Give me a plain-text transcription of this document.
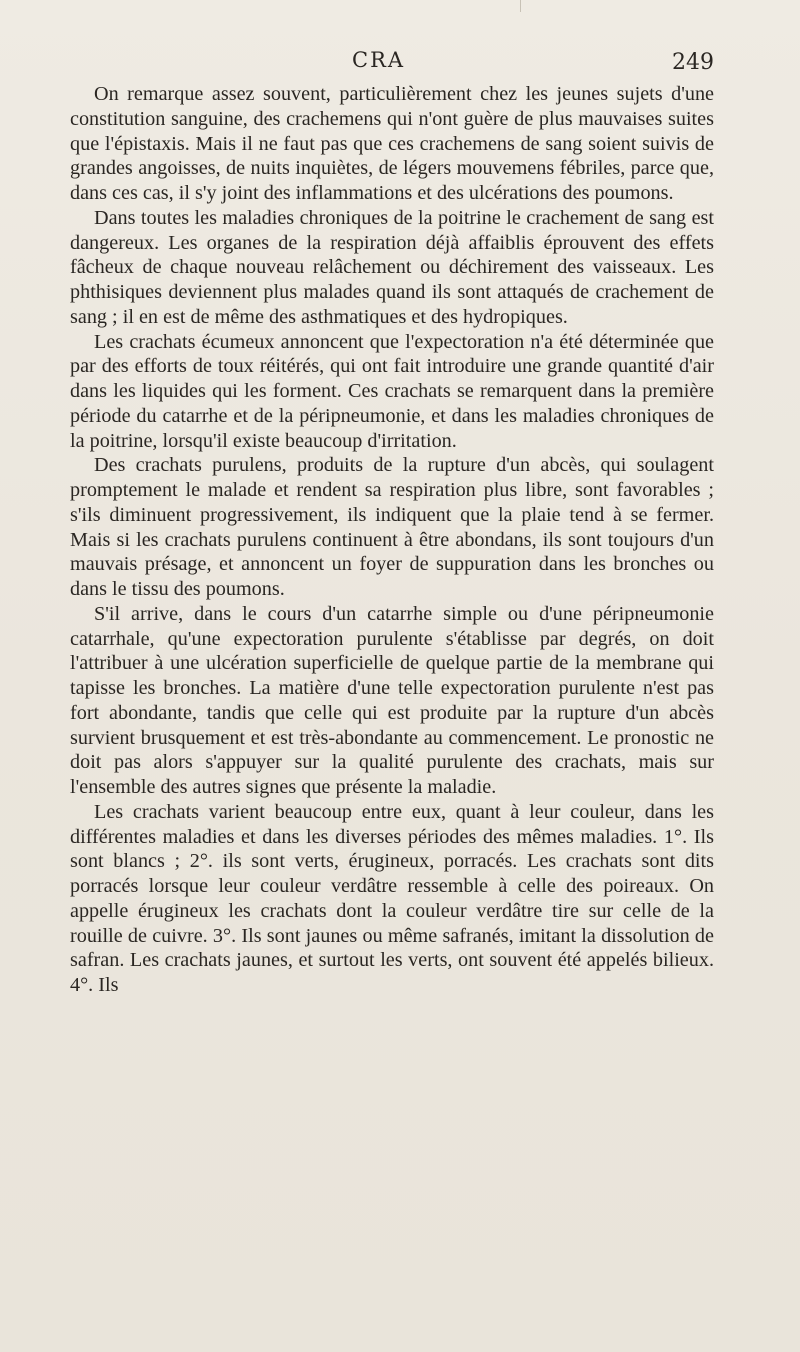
CRA	249

On remarque assez souvent, particulièrement chez les jeunes sujets d'une constitution sanguine, des crachemens qui n'ont guère de plus mauvaises suites que l'épistaxis. Mais il ne faut pas que ces crachemens de sang soient suivis de grandes angoisses, de nuits inquiètes, de légers mouvemens fébriles, parce que, dans ces cas, il s'y joint des inflammations et des ulcérations des poumons.

Dans toutes les maladies chroniques de la poitrine le crachement de sang est dangereux. Les organes de la respiration déjà affaiblis éprouvent des effets fâcheux de chaque nouveau relâchement ou déchirement des vaisseaux. Les phthisiques deviennent plus malades quand ils sont attaqués de crachement de sang ; il en est de même des asthmatiques et des hydropiques.

Les crachats écumeux annoncent que l'expectoration n'a été déterminée que par des efforts de toux réitérés, qui ont fait introduire une grande quantité d'air dans les liquides qui les forment. Ces crachats se remarquent dans la première période du catarrhe et de la péripneumonie, et dans les maladies chroniques de la poitrine, lorsqu'il existe beaucoup d'irritation.

Des crachats purulens, produits de la rupture d'un abcès, qui soulagent promptement le malade et rendent sa respiration plus libre, sont favorables ; s'ils diminuent progressivement, ils indiquent que la plaie tend à se fermer. Mais si les crachats purulens continuent à être abondans, ils sont toujours d'un mauvais présage, et annoncent un foyer de suppuration dans les bronches ou dans le tissu des poumons.

S'il arrive, dans le cours d'un catarrhe simple ou d'une péripneumonie catarrhale, qu'une expectoration purulente s'établisse par degrés, on doit l'attribuer à une ulcération superficielle de quelque partie de la membrane qui tapisse les bronches. La matière d'une telle expectoration purulente n'est pas fort abondante, tandis que celle qui est produite par la rupture d'un abcès survient brusquement et est très-abondante au commencement. Le pronostic ne doit pas alors s'appuyer sur la qualité purulente des crachats, mais sur l'ensemble des autres signes que présente la maladie.

Les crachats varient beaucoup entre eux, quant à leur couleur, dans les différentes maladies et dans les diverses périodes des mêmes maladies. 1°. Ils sont blancs ; 2°. ils sont verts, érugineux, porracés. Les crachats sont dits porracés lorsque leur couleur verdâtre ressemble à celle des poireaux. On appelle érugineux les crachats dont la couleur verdâtre tire sur celle de la rouille de cuivre. 3°. Ils sont jaunes ou même safranés, imitant la dissolution de safran. Les crachats jaunes, et surtout les verts, ont souvent été appelés bilieux. 4°. Ils
